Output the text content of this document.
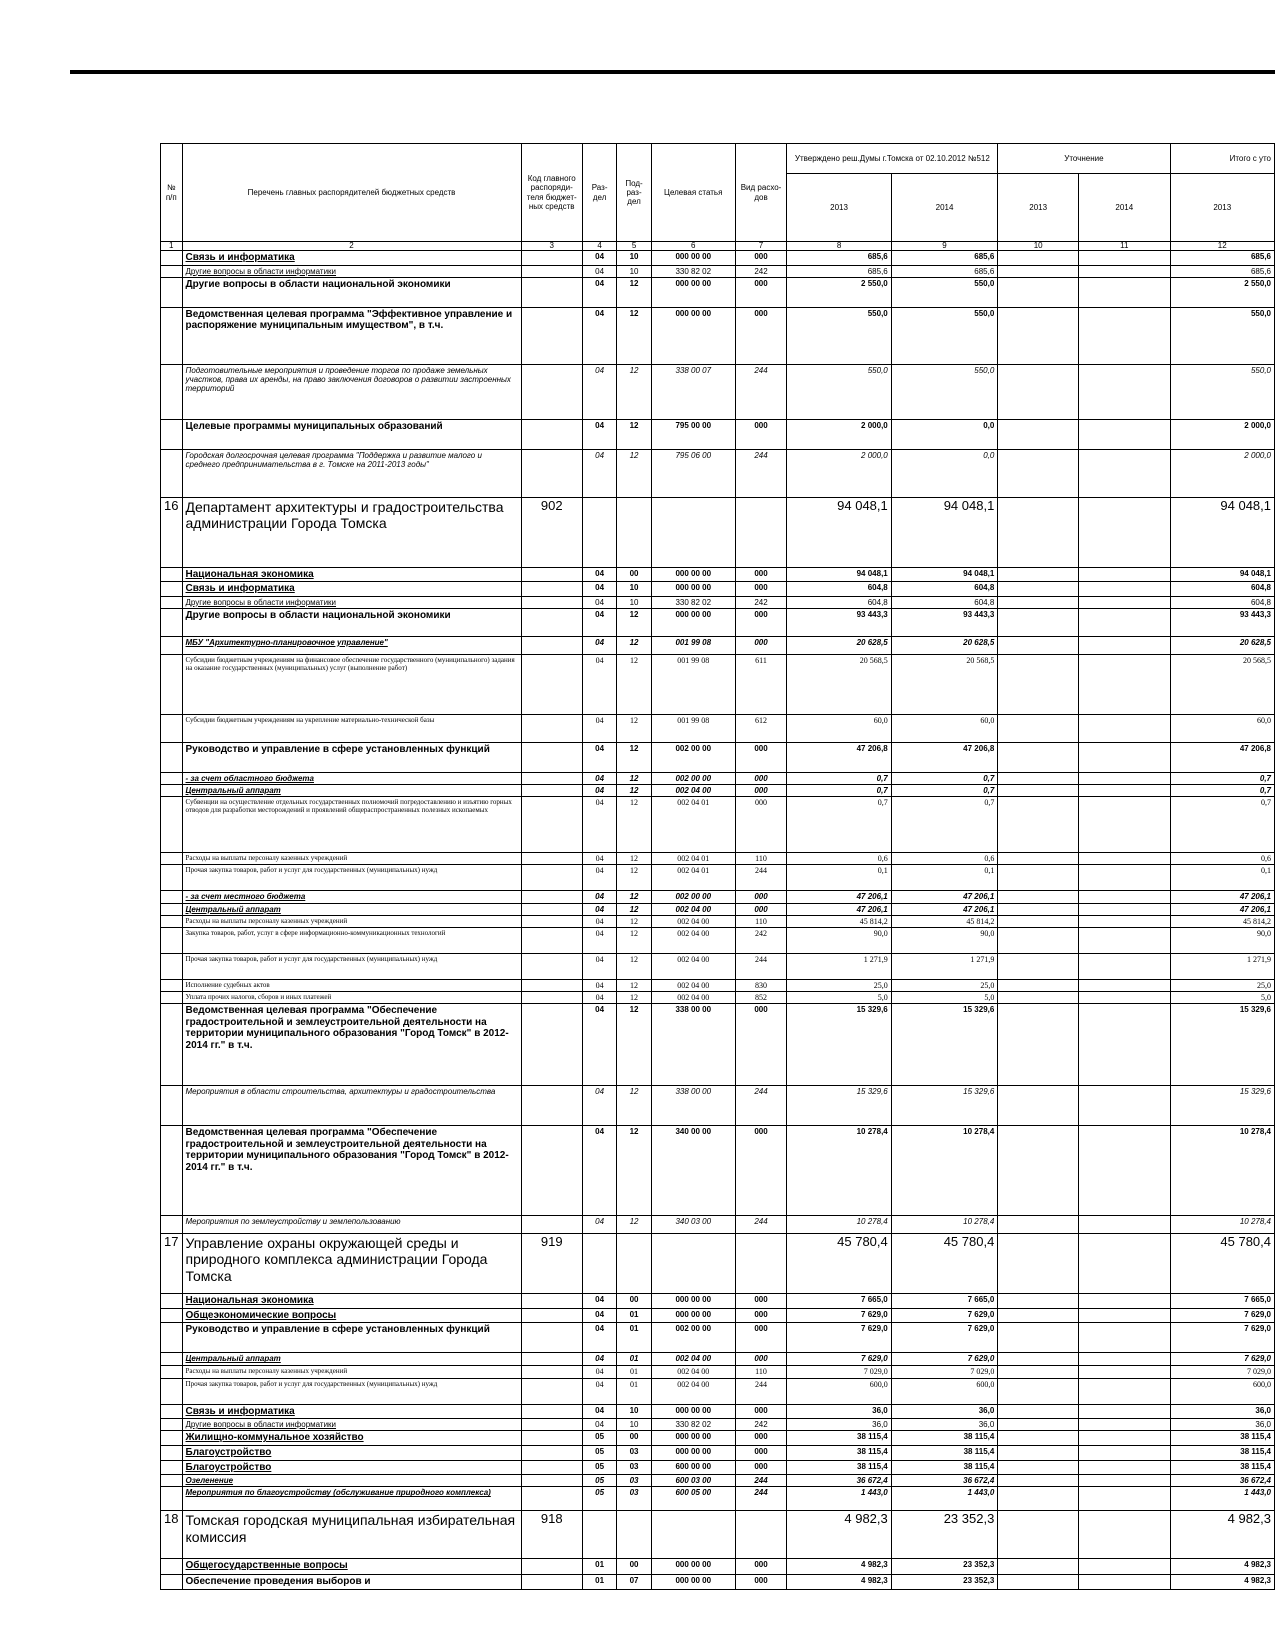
№ п/п	Перечень главных распорядителей бюджетных средств	Код главного распоряди-теля бюджет-ных средств	Раз-дел	Под-раз-дел	Целевая статья	Вид расхо-дов	Утверждено реш.Думы г.Томска от 02.10.2012 №512		Уточнение		Итого с уто
							2013	2014	2013	2014	2013
1	2	3	4	5	6	7	8	9	10	11	12
	Связь и информатика		04	10	000 00 00	000	685,6	685,6			685,6
	Другие вопросы в области информатики		04	10	330 82 02	242	685,6	685,6			685,6
	Другие вопросы в области национальной экономики		04	12	000 00 00	000	2 550,0	550,0			2 550,0
	Ведомственная целевая программа "Эффективное управление и распоряжение муниципальным имуществом", в т.ч.		04	12	000 00 00	000	550,0	550,0			550,0
	Подготовительные мероприятия и проведение торгов по продаже земельных участков, права их аренды, на право заключения договоров о развитии застроенных территорий		04	12	338 00 07	244	550,0	550,0			550,0
	Целевые программы муниципальных образований		04	12	795 00 00	000	2 000,0	0,0			2 000,0
	Городская долгосрочная целевая программа "Поддержка и развитие малого и среднего предпринимательства в г. Томске на 2011-2013 годы"		04	12	795 06 00	244	2 000,0	0,0			2 000,0
16	Департамент архитектуры и градостроительства администрации Города Томска	902					94 048,1	94 048,1			94 048,1
	Национальная экономика		04	00	000 00 00	000	94 048,1	94 048,1			94 048,1
	Связь и информатика		04	10	000 00 00	000	604,8	604,8			604,8
	Другие вопросы в области информатики		04	10	330 82 02	242	604,8	604,8			604,8
	Другие вопросы в области национальной экономики		04	12	000 00 00	000	93 443,3	93 443,3			93 443,3
	МБУ "Архитектурно-планировочное управление"		04	12	001 99 08	000	20 628,5	20 628,5			20 628,5
	Субсидии бюджетным учреждениям на финансовое обеспечение государственного (муниципального) задания на оказание государственных (муниципальных) услуг (выполнение работ)		04	12	001 99 08	611	20 568,5	20 568,5			20 568,5
	Субсидии бюджетным учреждениям на укрепление материально-технической базы		04	12	001 99 08	612	60,0	60,0			60,0
	Руководство и управление в сфере установленных функций		04	12	002 00 00	000	47 206,8	47 206,8			47 206,8
	- за счет областного бюджета		04	12	002 00 00	000	0,7	0,7			0,7
	Центральный аппарат		04	12	002 04 00	000	0,7	0,7			0,7
	Субвенции на осуществление отдельных государственных полномочий погредоставлению и изъятию горных отводов для разработки месторождений и проявлений общераспространенных полезных ископаемых		04	12	002 04 01	000	0,7	0,7			0,7
	Расходы на выплаты персоналу казенных учреждений		04	12	002 04 01	110	0,6	0,6			0,6
	Прочая закупка товаров, работ и услуг для государственных (муниципальных) нужд		04	12	002 04 01	244	0,1	0,1			0,1
	- за счет местного бюджета		04	12	002 00 00	000	47 206,1	47 206,1			47 206,1
	Центральный аппарат		04	12	002 04 00	000	47 206,1	47 206,1			47 206,1
	Расходы на выплаты персоналу казенных учреждений		04	12	002 04 00	110	45 814,2	45 814,2			45 814,2
	Закупка товаров, работ, услуг в сфере информационно-коммуникационных технологий		04	12	002 04 00	242	90,0	90,0			90,0
	Прочая закупка товаров, работ и услуг для государственных (муниципальных) нужд		04	12	002 04 00	244	1 271,9	1 271,9			1 271,9
	Исполнение судебных актов		04	12	002 04 00	830	25,0	25,0			25,0
	Уплата прочих налогов, сборов и иных платежей		04	12	002 04 00	852	5,0	5,0			5,0
	Ведомственная целевая программа "Обеспечение градостроительной и землеустроительной деятельности на территории муниципального образования "Город Томск" в 2012-2014 гг." в т.ч.		04	12	338 00 00	000	15 329,6	15 329,6			15 329,6
	Мероприятия в области строительства, архитектуры и градостроительства		04	12	338 00 00	244	15 329,6	15 329,6			15 329,6
	Ведомственная целевая программа "Обеспечение градостроительной и землеустроительной деятельности на территории муниципального образования "Город Томск" в 2012-2014 гг." в т.ч.		04	12	340 00 00	000	10 278,4	10 278,4			10 278,4
	Мероприятия по землеустройству и землепользованию		04	12	340 03 00	244	10 278,4	10 278,4			10 278,4
17	Управление охраны окружающей среды и природного комплекса администрации Города Томска	919					45 780,4	45 780,4			45 780,4
	Национальная экономика		04	00	000 00 00	000	7 665,0	7 665,0			7 665,0
	Общеэкономические вопросы		04	01	000 00 00	000	7 629,0	7 629,0			7 629,0
	Руководство и управление в сфере установленных функций		04	01	002 00 00	000	7 629,0	7 629,0			7 629,0
	Центральный аппарат		04	01	002 04 00	000	7 629,0	7 629,0			7 629,0
	Расходы на выплаты персоналу казенных учреждений		04	01	002 04 00	110	7 029,0	7 029,0			7 029,0
	Прочая закупка товаров, работ и услуг для государственных (муниципальных) нужд		04	01	002 04 00	244	600,0	600,0			600,0
	Связь и информатика		04	10	000 00 00	000	36,0	36,0			36,0
	Другие вопросы в области информатики		04	10	330 82 02	242	36,0	36,0			36,0
	Жилищно-коммунальное хозяйство		05	00	000 00 00	000	38 115,4	38 115,4			38 115,4
	Благоустройство		05	03	000 00 00	000	38 115,4	38 115,4			38 115,4
	Благоустройство		05	03	600 00 00	000	38 115,4	38 115,4			38 115,4
	Озеленение		05	03	600 03 00	244	36 672,4	36 672,4			36 672,4
	Мероприятия по благоустройству (обслуживание природного комплекса)		05	03	600 05 00	244	1 443,0	1 443,0			1 443,0
18	Томская городская муниципальная избирательная комиссия	918					4 982,3	23 352,3			4 982,3
	Общегосударственные вопросы		01	00	000 00 00	000	4 982,3	23 352,3			4 982,3
	Обеспечение проведения выборов и		01	07	000 00 00	000	4 982,3	23 352,3			4 982,3
